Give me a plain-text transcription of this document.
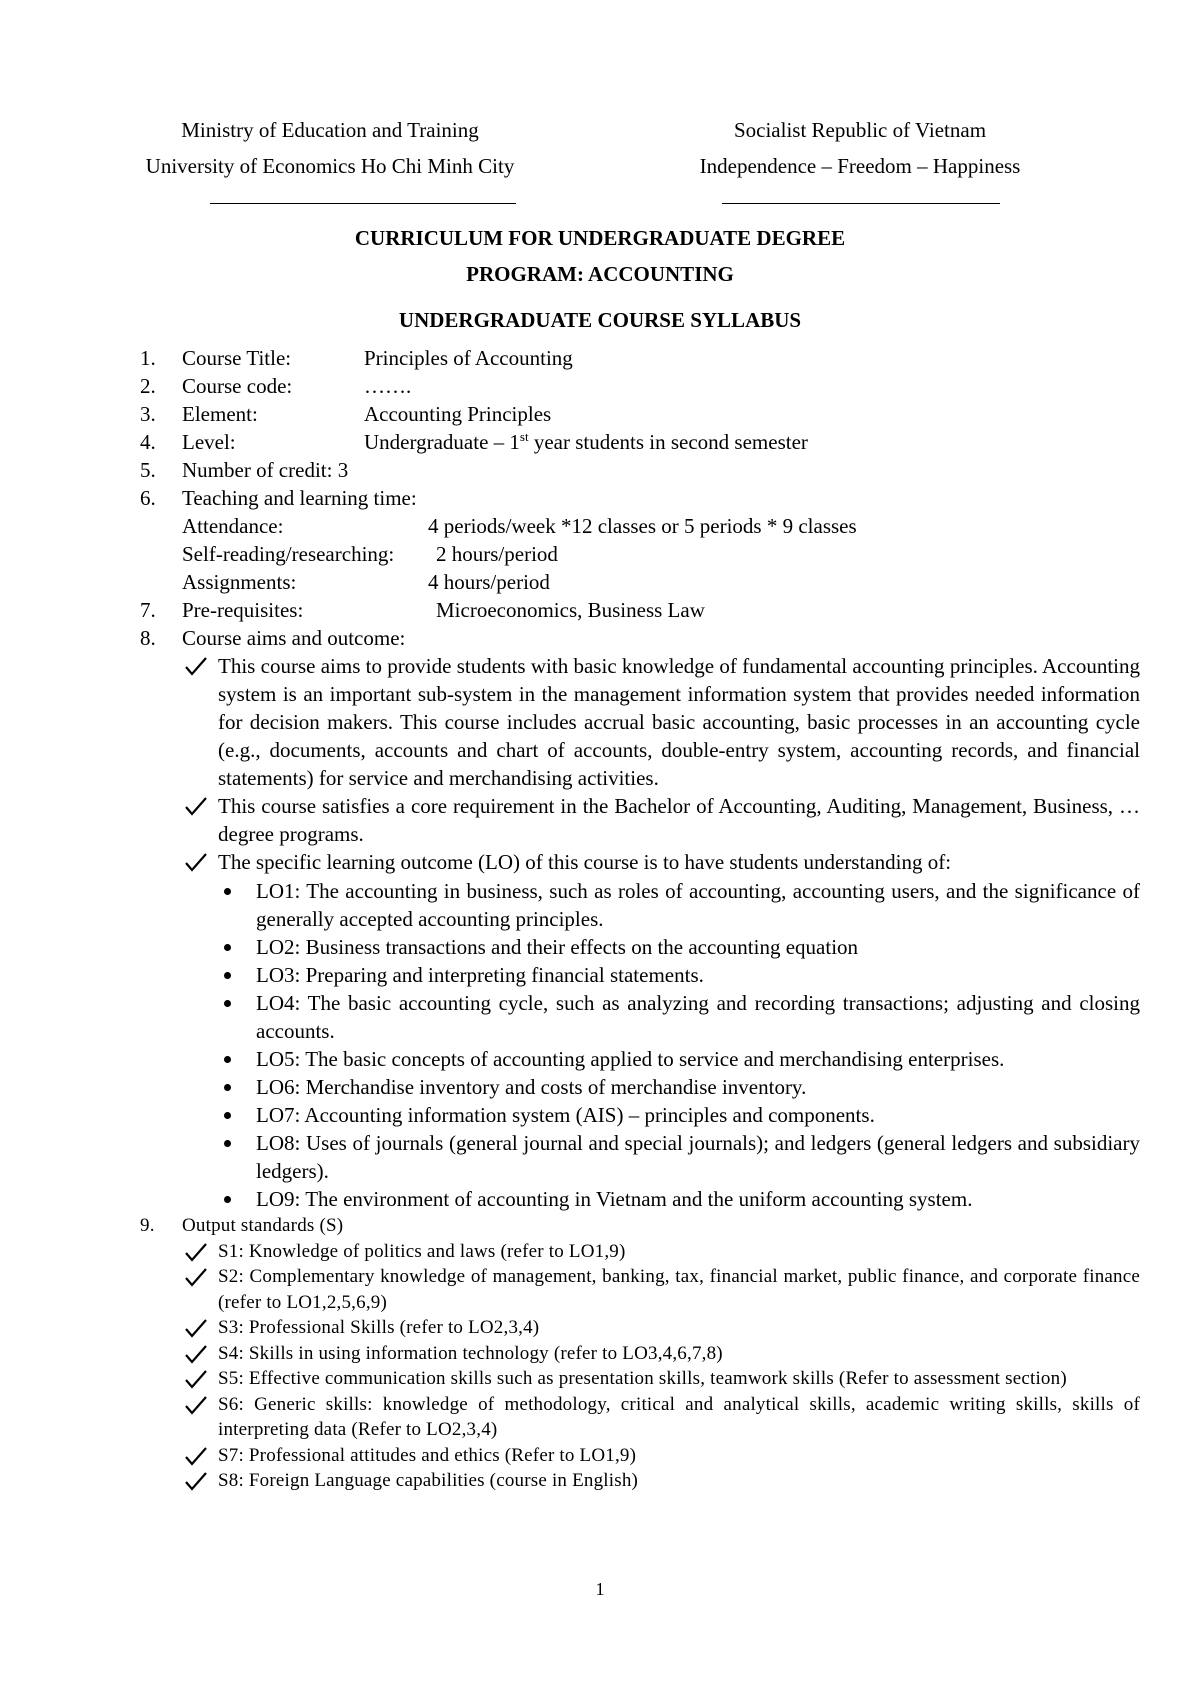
Ministry of Education and Training
University of Economics Ho Chi Minh City
Socialist Republic of Vietnam
Independence – Freedom – Happiness
CURRICULUM FOR UNDERGRADUATE DEGREE
PROGRAM: ACCOUNTING
UNDERGRADUATE COURSE SYLLABUS
1.	Course Title:	Principles of Accounting
2.	Course code:	…….
3.	Element:	Accounting Principles
4.	Level:	Undergraduate – 1st year students in second semester
5.	Number of credit: 3
6.	Teaching and learning time:
Attendance:	4 periods/week *12 classes or 5 periods * 9 classes
Self-reading/researching: 2 hours/period
Assignments:	4 hours/period
7.	Pre-requisites:	Microeconomics, Business Law
8.	Course aims and outcome:
This course aims to provide students with basic knowledge of fundamental accounting principles. Accounting system is an important sub-system in the management information system that provides needed information for decision makers. This course includes accrual basic accounting, basic processes in an accounting cycle (e.g., documents, accounts and chart of accounts, double-entry system, accounting records, and financial statements) for service and merchandising activities.
This course satisfies a core requirement in the Bachelor of Accounting, Auditing, Management, Business, … degree programs.
The specific learning outcome (LO) of this course is to have students understanding of:
LO1: The accounting in business, such as roles of accounting, accounting users, and the significance of generally accepted accounting principles.
LO2: Business transactions and their effects on the accounting equation
LO3: Preparing and interpreting financial statements.
LO4: The basic accounting cycle, such as analyzing and recording transactions; adjusting and closing accounts.
LO5: The basic concepts of accounting applied to service and merchandising enterprises.
LO6: Merchandise inventory and costs of merchandise inventory.
LO7: Accounting information system (AIS) – principles and components.
LO8: Uses of journals (general journal and special journals); and ledgers (general ledgers and subsidiary ledgers).
LO9: The environment of accounting in Vietnam and the uniform accounting system.
9.	Output standards (S)
S1: Knowledge of politics and laws (refer to LO1,9)
S2: Complementary knowledge of management, banking, tax, financial market, public finance, and corporate finance (refer to LO1,2,5,6,9)
S3: Professional Skills (refer to LO2,3,4)
S4: Skills in using information technology (refer to LO3,4,6,7,8)
S5: Effective communication skills such as presentation skills, teamwork skills (Refer to assessment section)
S6: Generic skills: knowledge of methodology, critical and analytical skills, academic writing skills, skills of interpreting data (Refer to LO2,3,4)
S7: Professional attitudes and ethics (Refer to LO1,9)
S8: Foreign Language capabilities (course in English)
1
